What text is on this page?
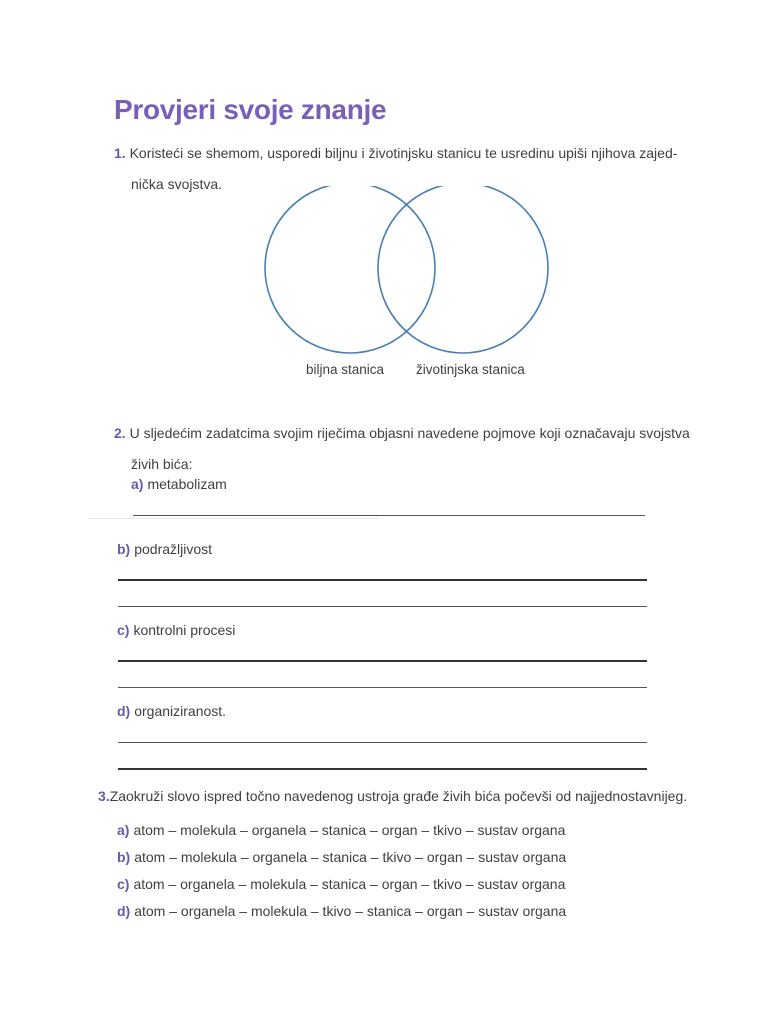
Provjeri svoje znanje
1. Koristeći se shemom, usporedi biljnu i životinjsku stanicu te usredinu upiši njihova zajed-
nička svojstva.
biljna stanica životinjska stanica
2. U sljedećim zadatcima svojim riječima objasni navedene pojmove koji označavaju svojstva
živih bića:
a) metabolizam
b) podražljivost
c) kontrolni procesi
d) organiziranost.
3.Zaokruži slovo ispred točno navedenog ustroja građe živih bića počevši od najjednostavnijeg.
a) atom – molekula – organela – stanica – organ – tkivo – sustav organa
b) atom – molekula – organela – stanica – tkivo – organ – sustav organa
c) atom – organela – molekula – stanica – organ – tkivo – sustav organa
d) atom – organela – molekula – tkivo – stanica – organ – sustav organa
